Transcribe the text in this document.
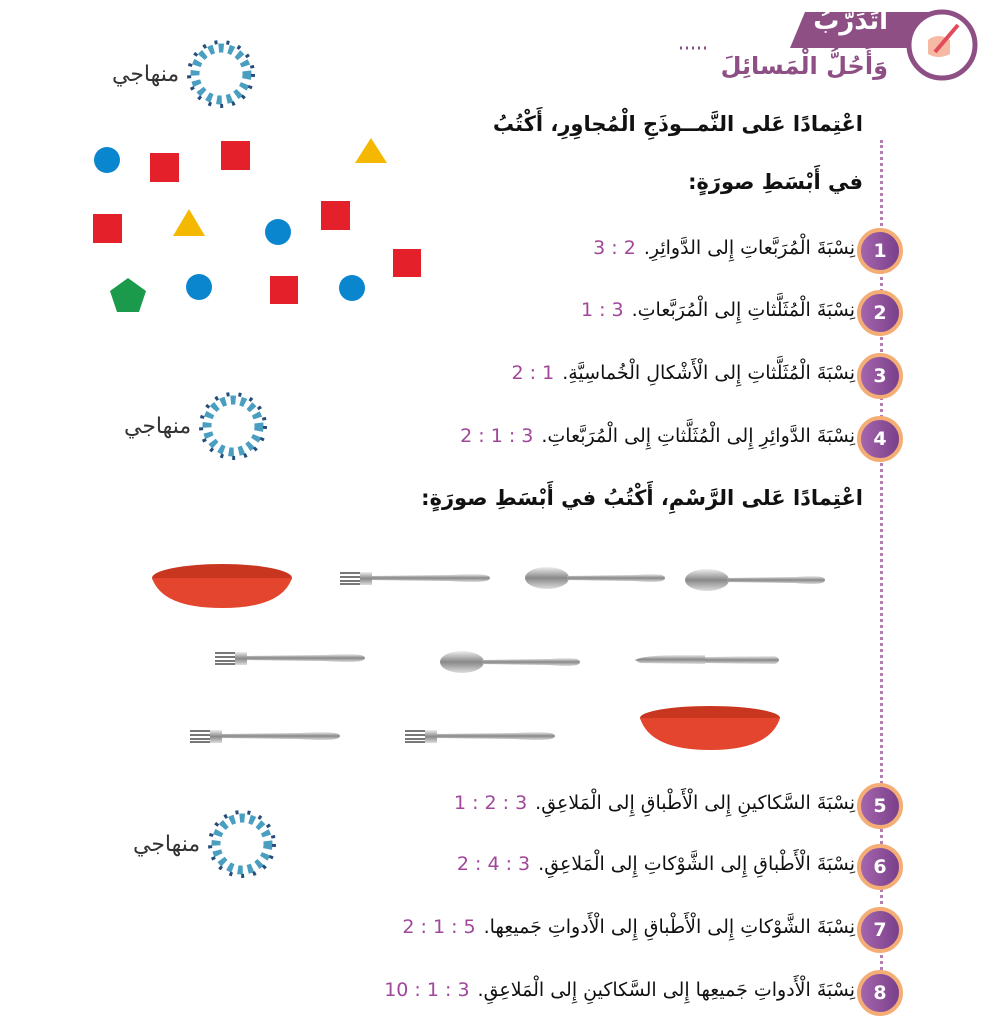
أَتَدَرَّبُ
وَأَحُلُّ الْمَسائِلَ
اعْتِمادًا عَلى النَّمــوذَجِ الْمُجاوِرِ، أَكْتُبُ
في أَبْسَطِ صورَةٍ:
منهاجي
منهاجي
منهاجي
1
نِسْبَةَ الْمُرَبَّعاتِ إِلى الدَّوائِرِ.3 : 2
2
نِسْبَةَ الْمُثَلَّثاتِ إِلى الْمُرَبَّعاتِ.1 : 3
3
نِسْبَةَ الْمُثَلَّثاتِ إِلى الْأَشْكالِ الْخُماسِيَّةِ.2 : 1
4
نِسْبَةَ الدَّوائِرِ إِلى الْمُثَلَّثاتِ إِلى الْمُرَبَّعاتِ.2 : 1 : 3
اعْتِمادًا عَلى الرَّسْمِ، أَكْتُبُ في أَبْسَطِ صورَةٍ:
5
نِسْبَةَ السَّكاكينِ إِلى الْأَطْباقِ إِلى الْمَلاعِقِ.1 : 2 : 3
6
نِسْبَةَ الْأَطْباقِ إِلى الشَّوْكاتِ إِلى الْمَلاعِقِ.2 : 4 : 3
7
نِسْبَةَ الشَّوْكاتِ إِلى الْأَطْباقِ إِلى الْأَدواتِ جَميعِها.2 : 1 : 5
8
نِسْبَةَ الْأَدواتِ جَميعِها إِلى السَّكاكينِ إِلى الْمَلاعِقِ.10 : 1 : 3
